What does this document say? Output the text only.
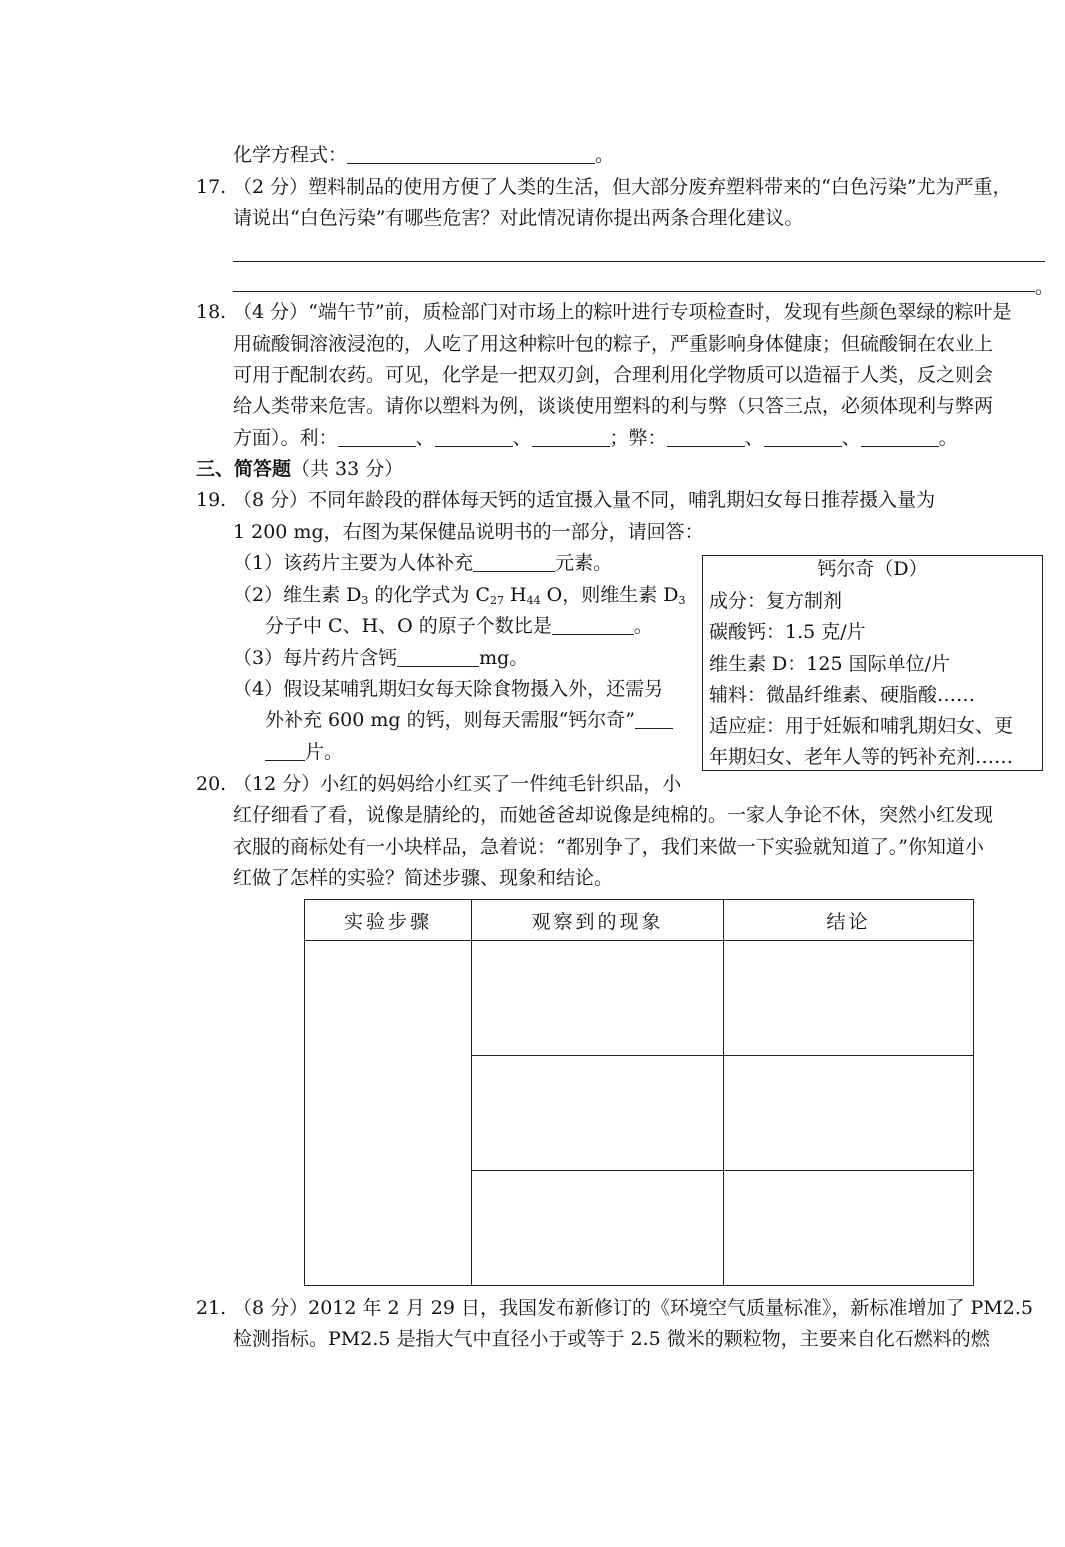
化学方程式：	。
17. （2 分）塑料制品的使用方便了人类的生活，但大部分废弃塑料带来的“白色污染”尤为严重，
请说出“白色污染”有哪些危害？对此情况请你提出两条合理化建议。
。
18. （4 分）“端午节”前，质检部门对市场上的粽叶进行专项检查时，发现有些颜色翠绿的粽叶是
用硫酸铜溶液浸泡的，人吃了用这种粽叶包的粽子，严重影响身体健康；但硫酸铜在农业上
可用于配制农药。可见，化学是一把双刃剑，合理利用化学物质可以造福于人类，反之则会
给人类带来危害。请你以塑料为例，谈谈使用塑料的利与弊（只答三点，必须体现利与弊两
方面）。利：	、	、	；弊：	、	、	。
三、简答题（共 33 分）
19. （8 分）不同年龄段的群体每天钙的适宜摄入量不同，哺乳期妇女每日推荐摄入量为
1 200 mg，右图为某保健品说明书的一部分，请回答：
（1）该药片主要为人体补充	元素。
（2）维生素 $D_3$ 的化学式为 $C_{27}$ $H_{44}$ O，则维生素 $D_3$
分子中 C、H、O 的原子个数比是	。
（3）每片药片含钙	mg。
（4）假设某哺乳期妇女每天除食物摄入外，还需另
外补充 600 mg 的钙，则每天需服“钙尔奇”
片。
钙尔奇（D）
成分：复方制剂
碳酸钙：1.5 克/片
维生素 D：125 国际单位/片
辅料：微晶纤维素、硬脂酸……
适应症：用于妊娠和哺乳期妇女、更
年期妇女、老年人等的钙补充剂……
20. （12 分）小红的妈妈给小红买了一件纯毛针织品，小
红仔细看了看，说像是腈纶的，而她爸爸却说像是纯棉的。一家人争论不休，突然小红发现
衣服的商标处有一小块样品，急着说：“都别争了，我们来做一下实验就知道了。”你知道小
红做了怎样的实验？简述步骤、现象和结论。
实验步骤	观察到的现象	结论

21. （8 分）2012 年 2 月 29 日，我国发布新修订的《环境空气质量标准》，新标准增加了 PM2.5
检测指标。PM2.5 是指大气中直径小于或等于 2.5 微米的颗粒物，主要来自化石燃料的燃
